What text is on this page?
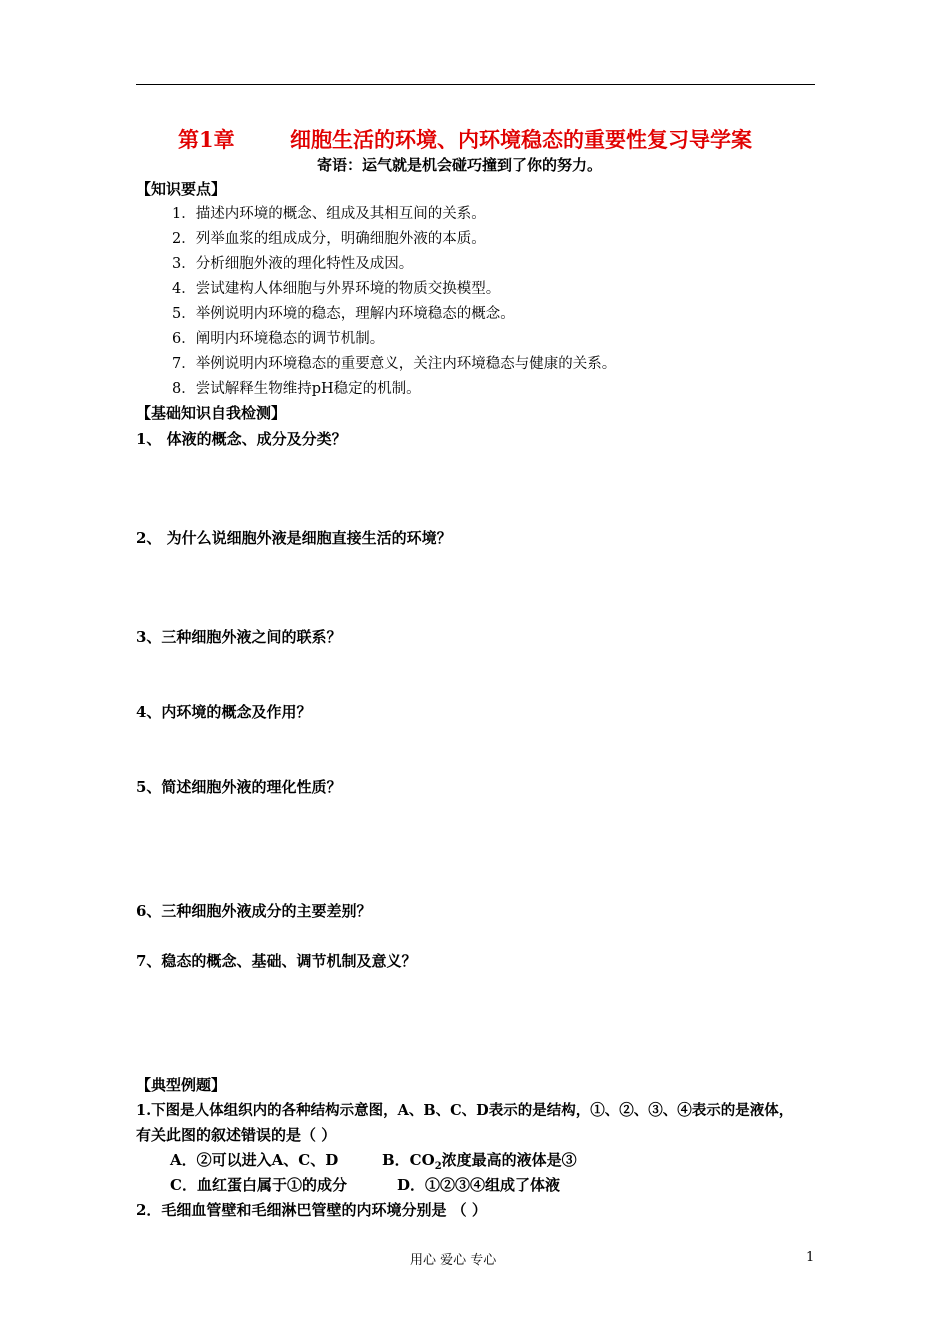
第1章	细胞生活的环境、内环境稳态的重要性复习导学案
寄语：运气就是机会碰巧撞到了你的努力。
【知识要点】
1．描述内环境的概念、组成及其相互间的关系。
2．列举血浆的组成成分，明确细胞外液的本质。
3．分析细胞外液的理化特性及成因。
4．尝试建构人体细胞与外界环境的物质交换模型。
5．举例说明内环境的稳态，理解内环境稳态的概念。
6．阐明内环境稳态的调节机制。
7．举例说明内环境稳态的重要意义，关注内环境稳态与健康的关系。
8．尝试解释生物维持pH稳定的机制。
【基础知识自我检测】
1、 体液的概念、成分及分类？
2、 为什么说细胞外液是细胞直接生活的环境？
3、三种细胞外液之间的联系？
4、内环境的概念及作用？
5、简述细胞外液的理化性质？
6、三种细胞外液成分的主要差别？
7、稳态的概念、基础、调节机制及意义？
【典型例题】
1.下图是人体组织内的各种结构示意图，A、B、C、D表示的是结构，①、②、③、④表示的是液体，
有关此图的叙述错误的是（ ）
A．②可以进入A、C、D	B．$CO_2$浓度最高的液体是③
C．血红蛋白属于①的成分	D．①②③④组成了体液
2．毛细血管壁和毛细淋巴管壁的内环境分别是 （ ）
用心 爱心 专心	1
